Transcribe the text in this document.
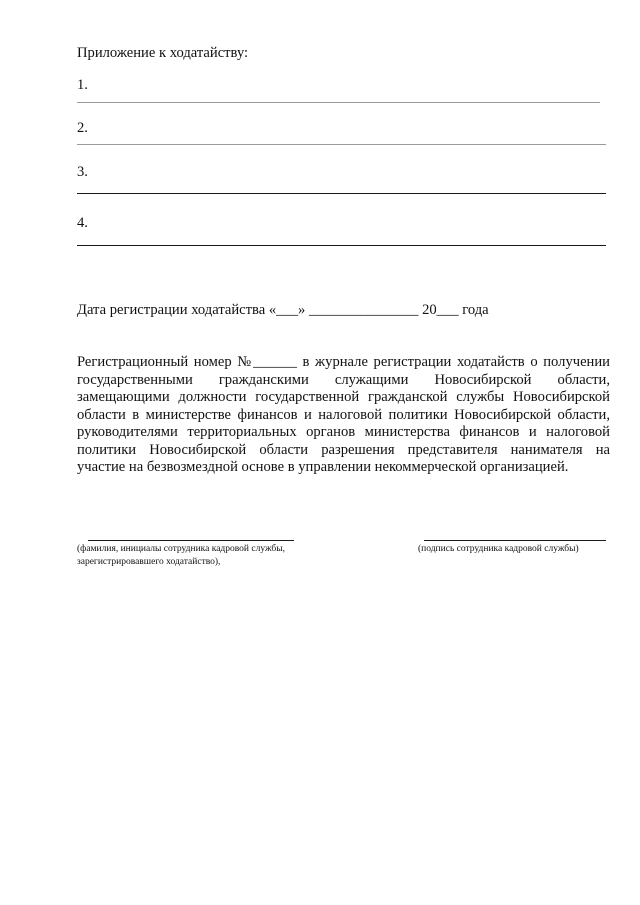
Приложение к ходатайству:
1.
2.
3.
4.
Дата регистрации ходатайства «___» _______________ 20___ года
Регистрационный номер №______ в журнале регистрации ходатайств о получении
государственными гражданскими служащими Новосибирской области,
замещающими должности государственной гражданской службы Новосибирской
области в министерстве финансов и налоговой политики Новосибирской области,
руководителями территориальных органов министерства финансов и налоговой
политики Новосибирской области разрешения представителя нанимателя на
участие на безвозмездной основе в управлении некоммерческой организацией.
(фамилия, инициалы сотрудника кадровой службы,
зарегистрировавшего ходатайство),
(подпись сотрудника кадровой службы)
